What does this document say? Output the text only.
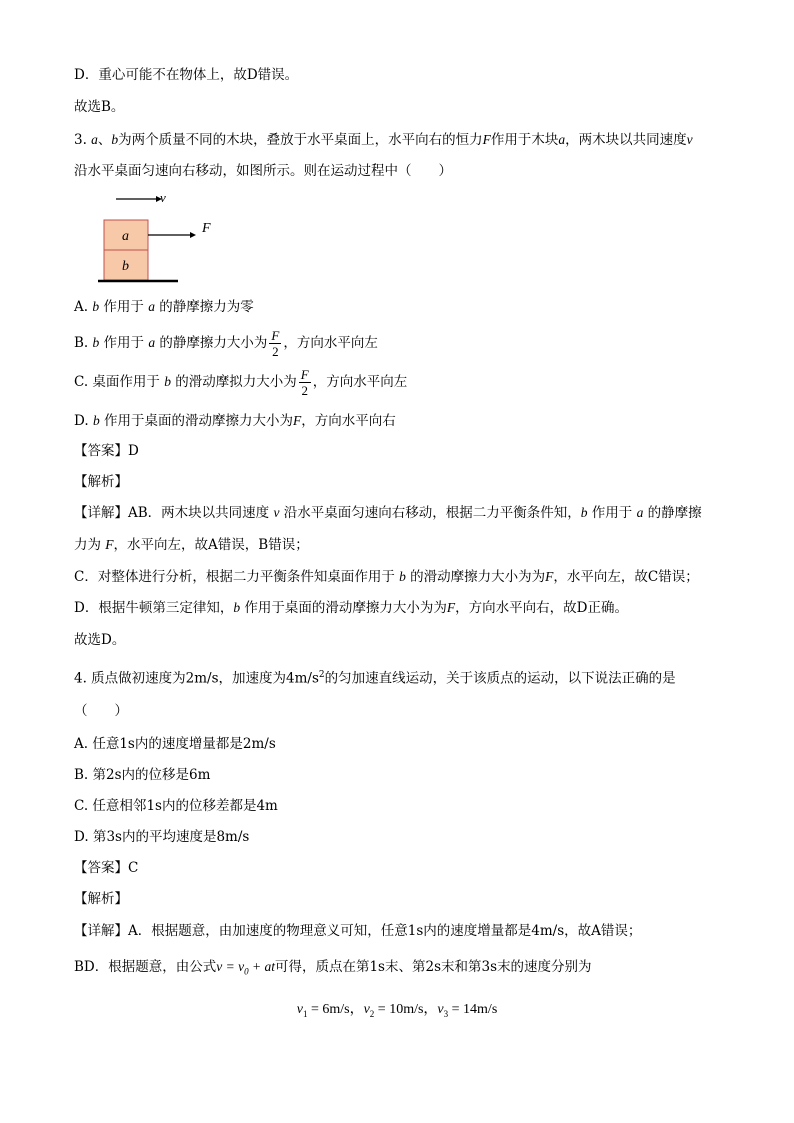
D．重心可能不在物体上，故D错误。
故选B。
3. a、b为两个质量不同的木块，叠放于水平桌面上，水平向右的恒力F作用于木块a，两木块以共同速度v
沿水平桌面匀速向右移动，如图所示。则在运动过程中（　　）
v
a
b
F
A. b 作用于 a 的静摩擦力为零
B. b 作用于 a 的静摩擦力大小为 $\frac{F}{2}$ ，方向水平向左
C. 桌面作用于 b 的滑动摩拟力大小为 $\frac{F}{2}$ ，方向水平向左
D. b 作用于桌面的滑动摩擦力大小为F，方向水平向右
【答案】D
【解析】
【详解】AB．两木块以共同速度 v 沿水平桌面匀速向右移动，根据二力平衡条件知，b 作用于 a 的静摩擦
力为 F，水平向左，故A错误，B错误；
C．对整体进行分析，根据二力平衡条件知桌面作用于 b 的滑动摩擦力大小为为F，水平向左，故C错误；
D．根据牛顿第三定律知，b 作用于桌面的滑动摩擦力大小为为F，方向水平向右，故D正确。
故选D。
4. 质点做初速度为2m/s，加速度为$4m/s^2$的匀加速直线运动，关于该质点的运动，以下说法正确的是
（　　）
A. 任意1s内的速度增量都是2m/s
B. 第2s内的位移是6m
C. 任意相邻1s内的位移差都是4m
D. 第3s内的平均速度是8m/s
【答案】C
【解析】
【详解】A．根据题意，由加速度的物理意义可知，任意1s内的速度增量都是4m/s，故A错误；
BD．根据题意，由公式$v = v_0$ + at可得，质点在第1s末、第2s末和第3s末的速度分别为
$v_1 = 6m/s$，$v_2 = 10m/s$，$v_3 = 14m/s$
